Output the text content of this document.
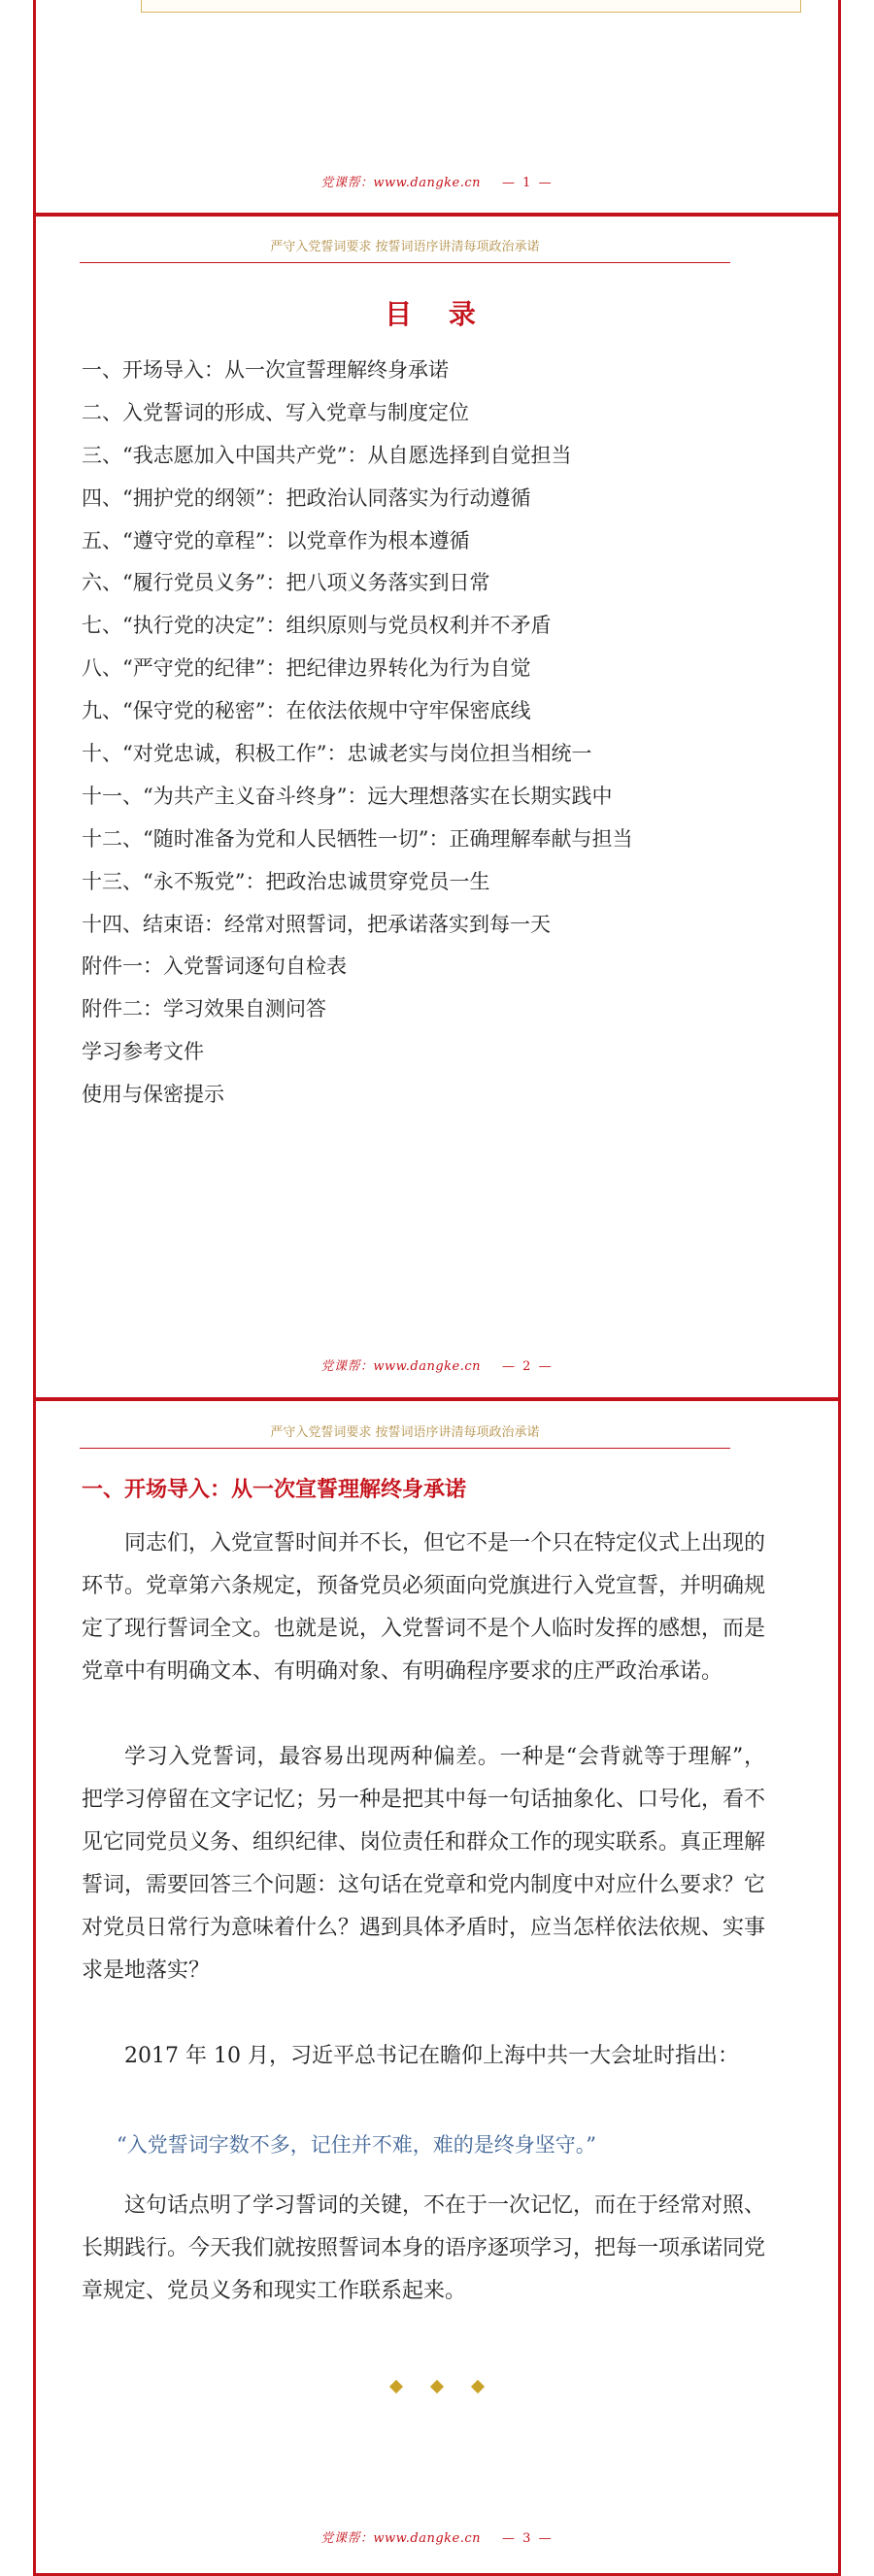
党课帮：www.dangke.cn — 1 —
严守入党誓词要求 按誓词语序讲清每项政治承诺
目 录
一、开场导入：从一次宣誓理解终身承诺
二、入党誓词的形成、写入党章与制度定位
三、“我志愿加入中国共产党”：从自愿选择到自觉担当
四、“拥护党的纲领”：把政治认同落实为行动遵循
五、“遵守党的章程”：以党章作为根本遵循
六、“履行党员义务”：把八项义务落实到日常
七、“执行党的决定”：组织原则与党员权利并不矛盾
八、“严守党的纪律”：把纪律边界转化为行为自觉
九、“保守党的秘密”：在依法依规中守牢保密底线
十、“对党忠诚，积极工作”：忠诚老实与岗位担当相统一
十一、“为共产主义奋斗终身”：远大理想落实在长期实践中
十二、“随时准备为党和人民牺牲一切”：正确理解奉献与担当
十三、“永不叛党”：把政治忠诚贯穿党员一生
十四、结束语：经常对照誓词，把承诺落实到每一天
附件一：入党誓词逐句自检表
附件二：学习效果自测问答
学习参考文件
使用与保密提示
党课帮：www.dangke.cn — 2 —
严守入党誓词要求 按誓词语序讲清每项政治承诺
一、开场导入：从一次宣誓理解终身承诺

同志们，入党宣誓时间并不长，但它不是一个只在特定仪式上出现的环节。党章第六条规定，预备党员必须面向党旗进行入党宣誓，并明确规定了现行誓词全文。也就是说，入党誓词不是个人临时发挥的感想，而是党章中有明确文本、有明确对象、有明确程序要求的庄严政治承诺。

学习入党誓词，最容易出现两种偏差。一种是“会背就等于理解”，把学习停留在文字记忆；另一种是把其中每一句话抽象化、口号化，看不见它同党员义务、组织纪律、岗位责任和群众工作的现实联系。真正理解誓词，需要回答三个问题：这句话在党章和党内制度中对应什么要求？它对党员日常行为意味着什么？遇到具体矛盾时，应当怎样依法依规、实事求是地落实？

2017 年 10 月，习近平总书记在瞻仰上海中共一大会址时指出：

“入党誓词字数不多，记住并不难，难的是终身坚守。”

这句话点明了学习誓词的关键，不在于一次记忆，而在于经常对照、长期践行。今天我们就按照誓词本身的语序逐项学习，把每一项承诺同党章规定、党员义务和现实工作联系起来。

党课帮：www.dangke.cn — 3 —
